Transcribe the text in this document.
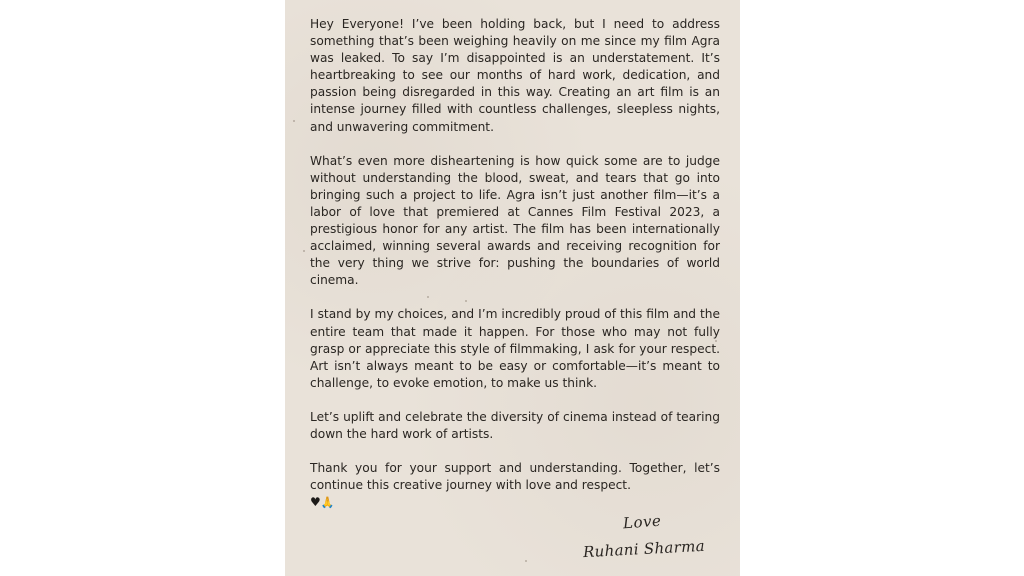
Hey Everyone! I’ve been holding back, but I need to address something that’s been weighing heavily on me since my film Agra was leaked. To say I’m disappointed is an understatement. It’s heartbreaking to see our months of hard work, dedication, and passion being disregarded in this way. Creating an art film is an intense journey filled with countless challenges, sleepless nights, and unwavering commitment.

What’s even more disheartening is how quick some are to judge without understanding the blood, sweat, and tears that go into bringing such a project to life. Agra isn’t just another film—it’s a labor of love that premiered at Cannes Film Festival 2023, a prestigious honor for any artist. The film has been internationally acclaimed, winning several awards and receiving recognition for the very thing we strive for: pushing the boundaries of world cinema.

I stand by my choices, and I’m incredibly proud of this film and the entire team that made it happen. For those who may not fully grasp or appreciate this style of filmmaking, I ask for your respect. Art isn’t always meant to be easy or comfortable—it’s meant to challenge, to evoke emotion, to make us think.

Let’s uplift and celebrate the diversity of cinema instead of tearing down the hard work of artists.

Thank you for your support and understanding. Together, let’s continue this creative journey with love and respect.

♥🙏
Love
Ruhani Sharma
